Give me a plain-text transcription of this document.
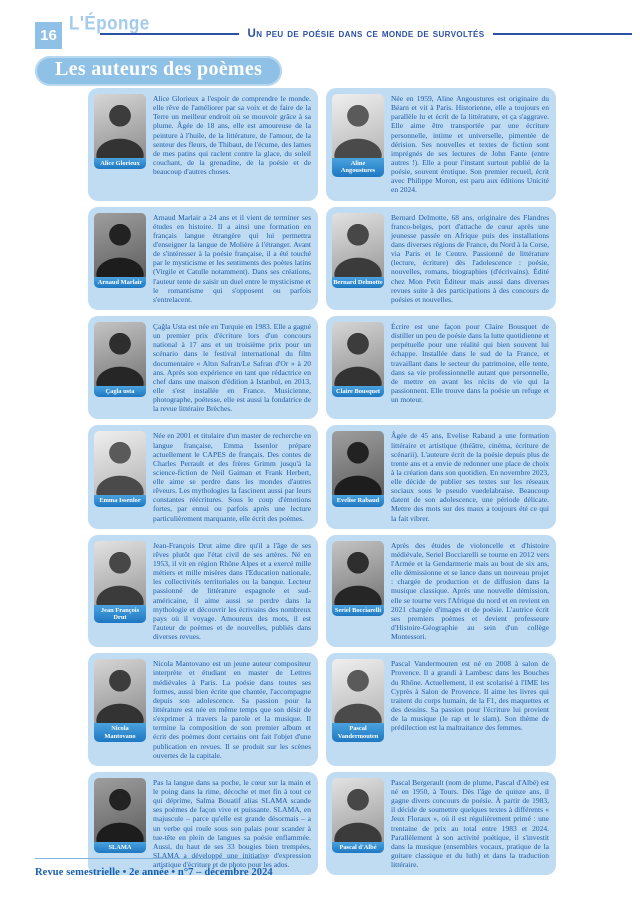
16
L'Éponge
Un peu de poésie dans ce monde de survoltés
Les auteurs des poèmes
Alice Glorieux

Alice Glorieux a l'espoir de comprendre le monde. elle rêve de l'améliorer par sa voix et de faire de la Terre un meilleur endroit où se mouvoir grâce à sa plume. Âgée de 18 ans, elle est amoureuse de la peinture à l'huile, de la littérature, de l'amour, de la senteur des fleurs, de Thibaut, de l'écume, des lames de mes patins qui raclent contre la glace, du soleil couchant, de la grenadine, de la poésie et de beaucoup d'autres choses.

Aline Angoustures

Née en 1959, Aline Angoustures est originaire du Béarn et vit à Paris. Historienne, elle a toujours en parallèle lu et écrit de la littérature, et ça s'aggrave. Elle aime être transportée par une écriture personnelle, intime et universelle, pimentée de dérision. Ses nouvelles et textes de fiction sont imprégnés de ses lectures de John Fante (entre autres !). Elle a pour l'instant surtout publié de la poésie, souvent érotique. Son premier recueil, écrit avec Philippe Moron, est paru aux éditions Unicité en 2024.

Arnaud Marlair

Arnaud Marlair a 24 ans et il vient de terminer ses études en histoire. Il a ainsi une formation en français langue étrangère qui lui permettra d'enseigner la langue de Molière à l'étranger. Avant de s'intéresser à la poésie française, il a été touché par le mysticisme et les sentiments des poètes latins (Virgile et Catulle notamment). Dans ses créations, l'auteur tente de saisir un duel entre le mysticisme et le romantisme qui s'opposent ou parfois s'entrelacent.

Bernard Delmotte

Bernard Delmotte, 68 ans, originaire des Flandres franco-belges, port d'attache de cœur après une jeunesse passée en Afrique puis des installations dans diverses régions de France, du Nord à la Corse, via Paris et le Centre. Passionné de littérature (lecture, écriture) dès l'adolescence : poésie, nouvelles, romans, biographies (d'écrivains). Édité chez Mon Petit Éditeur mais aussi dans diverses revues suite à des participations à des concours de poésies et nouvelles.

Çagla usta

Çağla Usta est née en Turquie en 1983. Elle a gagné un premier prix d'écriture lors d'un concours national à 17 ans et un troisième prix pour un scénario dans le festival international du film documentaire « Altın Safran/Le Safran d'Or » à 20 ans. Après son expérience en tant que rédactrice en chef dans une maison d'édition à Istanbul, en 2013, elle s'est installée en France. Musicienne, photographe, poétesse, elle est aussi la fondatrice de la revue littéraire Brèches.

Claire Bousquet

Écrire est une façon pour Claire Bousquet de distiller un peu de poésie dans la lutte quotidienne et perpétuelle pour une réalité qui bien souvent lui échappe. Installée dans le sud de la France, et travaillant dans le secteur du patrimoine, elle tente, dans sa vie professionnelle autant que personnelle, de mettre en avant les récits de vie qui la passionnent. Elle trouve dans la poésie un refuge et un moteur.

Emma Issenlor

Née en 2001 et titulaire d'un master de recherche en langue française, Emma Issenlor prépare actuellement le CAPES de français. Des contes de Charles Perrault et des frères Grimm jusqu'à la science-fiction de Neil Gaiman et Frank Herbert, elle aime se perdre dans les mondes d'autres rêveurs. Les mythologies la fascinent aussi par leurs constantes réécritures. Sous le coup d'émotions fortes, par ennui ou parfois après une lecture particulièrement marquante, elle écrit des poèmes.

Evelise Rabaud

Âgée de 45 ans, Evelise Rabaud a une formation littéraire et artistique (théâtre, cinéma, écriture de scénarii). L'auteure écrit de la poésie depuis plus de trente ans et a envie de redonner une place de choix à la création dans son quotidien. En novembre 2023, elle décide de publier ses textes sur les réseaux sociaux sous le pseudo vuedelabraise. Beaucoup datent de son adolescence, une période délicate. Mettre des mots sur des maux a toujours été ce qui la fait vibrer.

Jean François Drut

Jean-François Drut aime dire qu'il a l'âge de ses rêves plutôt que l'état civil de ses artères. Né en 1953, il vit en région Rhône Alpes et a exercé mille métiers et mille misères dans l'Education nationale, les collectivités territoriales ou la banque. Lecteur passionné de littérature espagnole et sud-américaine, il aime aussi se perdre dans la mythologie et découvrir les écrivains des nombreux pays où il voyage. Amoureux des mots, il est l'auteur de poèmes et de nouvelles, publiés dans diverses revues.

Seriel Bocciarelli

Après des études de violoncelle et d'histoire médiévale, Seriel Bocciarelli se tourne en 2012 vers l'Armée et la Gendarmerie mais au bout de six ans, elle démissionne et se lance dans un nouveau projet : chargée de production et de diffusion dans la musique classique. Après une nouvelle démission, elle se tourne vers l'Afrique du nord et en revient en 2021 chargée d'images et de poésie. L'autrice écrit ses premiers poèmes et devient professeure d'Histoire-Géographie au sein d'un collège Montessori.

Nicola Mantovano

Nicola Mantovano est un jeune auteur compositeur interprète et étudiant en master de Lettres médiévales à Paris. La poésie dans toutes ses formes, aussi bien écrite que chantée, l'accompagne depuis son adolescence. Sa passion pour la littérature est née en même temps que son désir de s'exprimer à travers la parole et la musique. Il termine la composition de son premier album et écrit des poèmes dont certains ont fait l'objet d'une publication en revues. Il se produit sur les scènes ouvertes de la capitale.

Pascal Vandermouten

Pascal Vandermouten est né en 2008 à salon de Provence. Il a grandi à Lambesc dans les Bouches du Rhône. Actuellement, il est scolarisé à l'IME les Cyprès à Salon de Provence. Il aime les livres qui traitent du corps humain, de la F1, des maquettes et des dessins. Sa passion pour l'écriture lui provient de la musique (le rap et le slam). Son thème de prédilection est la maltraitance des femmes.

SLAMA

Pas la langue dans sa poche, le cœur sur la main et le poing dans la rime, décoche et met fin à tout ce qui déprime, Salma Bouatif alias SLAMA scande ses poèmes de façon vive et puissante. SLAMA, en majuscule – parce qu'elle est grande désormais – a un verbe qui roule sous son palais pour scander à tue-tête en plein de langues sa poésie enflammée. Aussi, du haut de ses 33 bougies bien trempées, SLAMA a développé une initiative d'expression artistique d'écriture et de photo pour les ados.

Pascal d'Albé

Pascal Bergerault (nom de plume, Pascal d'Albé) est né en 1950, à Tours. Dès l'âge de quinze ans, il gagne divers concours de poésie. À partir de 1983, il décide de soumettre quelques textes à différents « Jeux Floraux », où il est régulièrement primé : une trentaine de prix au total entre 1983 et 2024. Parallèlement à son activité poétique, il s'investit dans la musique (ensembles vocaux, pratique de la guitare classique et du luth) et dans la traduction littéraire.

Revue semestrielle • 2e année • n°7 – décembre 2024
